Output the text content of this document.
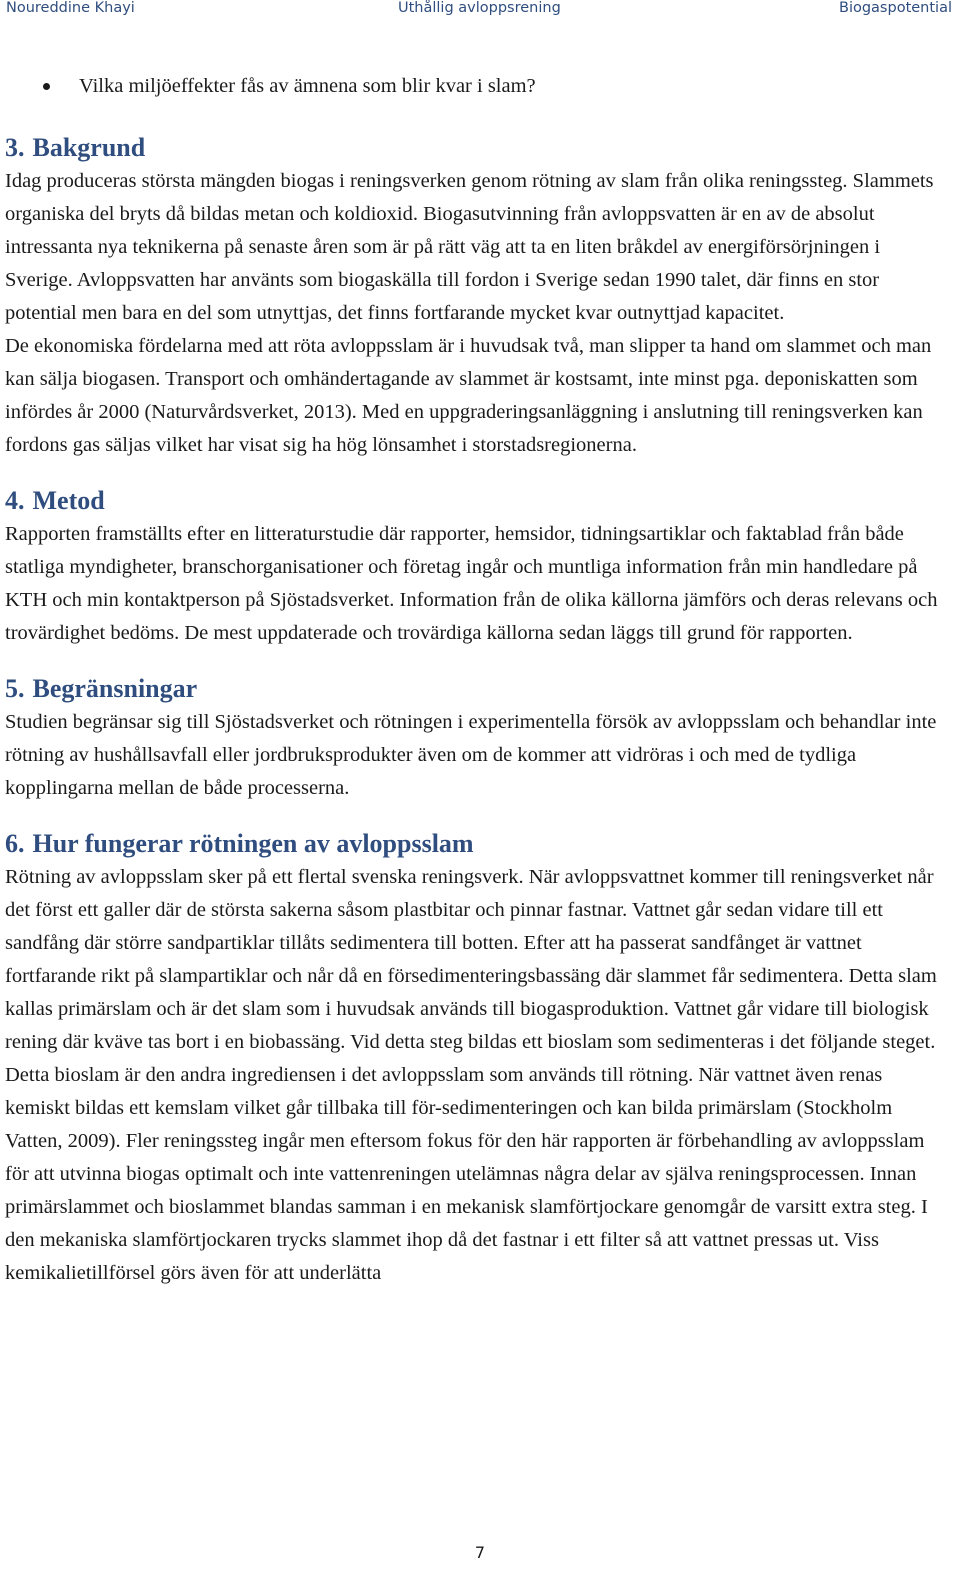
Noureddine Khayi	Uthållig avloppsrening	Biogaspotential
Vilka miljöeffekter fås av ämnena som blir kvar i slam?
3. Bakgrund

Idag produceras största mängden biogas i reningsverken genom rötning av slam från olika reningssteg. Slammets organiska del bryts då bildas metan och koldioxid. Biogasutvinning från avloppsvatten är en av de absolut intressanta nya teknikerna på senaste åren som är på rätt väg att ta en liten bråkdel av energiförsörjningen i Sverige. Avloppsvatten har använts som biogaskälla till fordon i Sverige sedan 1990 talet, där finns en stor potential men bara en del som utnyttjas, det finns fortfarande mycket kvar outnyttjad kapacitet.

De ekonomiska fördelarna med att röta avloppsslam är i huvudsak två, man slipper ta hand om slammet och man kan sälja biogasen. Transport och omhändertagande av slammet är kostsamt, inte minst pga. deponiskatten som infördes år 2000 (Naturvårdsverket, 2013). Med en uppgraderingsanläggning i anslutning till reningsverken kan fordons gas säljas vilket har visat sig ha hög lönsamhet i storstadsregionerna.

4. Metod

Rapporten framställts efter en litteraturstudie där rapporter, hemsidor, tidningsartiklar och faktablad från både statliga myndigheter, branschorganisationer och företag ingår och muntliga information från min handledare på KTH och min kontaktperson på Sjöstadsverket. Information från de olika källorna jämförs och deras relevans och trovärdighet bedöms. De mest uppdaterade och trovärdiga källorna sedan läggs till grund för rapporten.

5. Begränsningar

Studien begränsar sig till Sjöstadsverket och rötningen i experimentella försök av avloppsslam och behandlar inte rötning av hushållsavfall eller jordbruksprodukter även om de kommer att vidröras i och med de tydliga kopplingarna mellan de både processerna.

6. Hur fungerar rötningen av avloppsslam

Rötning av avloppsslam sker på ett flertal svenska reningsverk. När avloppsvattnet kommer till reningsverket når det först ett galler där de största sakerna såsom plastbitar och pinnar fastnar. Vattnet går sedan vidare till ett sandfång där större sandpartiklar tillåts sedimentera till botten. Efter att ha passerat sandfånget är vattnet fortfarande rikt på slampartiklar och når då en försedimenteringsbassäng där slammet får sedimentera. Detta slam kallas primärslam och är det slam som i huvudsak används till biogasproduktion. Vattnet går vidare till biologisk rening där kväve tas bort i en biobassäng. Vid detta steg bildas ett bioslam som sedimenteras i det följande steget. Detta bioslam är den andra ingrediensen i det avloppsslam som används till rötning. När vattnet även renas kemiskt bildas ett kemslam vilket går tillbaka till för-sedimenteringen och kan bilda primärslam (Stockholm Vatten, 2009). Fler reningssteg ingår men eftersom fokus för den här rapporten är förbehandling av avloppsslam för att utvinna biogas optimalt och inte vattenreningen utelämnas några delar av själva reningsprocessen. Innan primärslammet och bioslammet blandas samman i en mekanisk slamförtjockare genomgår de varsitt extra steg. I den mekaniska slamförtjockaren trycks slammet ihop då det fastnar i ett filter så att vattnet pressas ut. Viss kemikalietillförsel görs även för att underlätta

7
